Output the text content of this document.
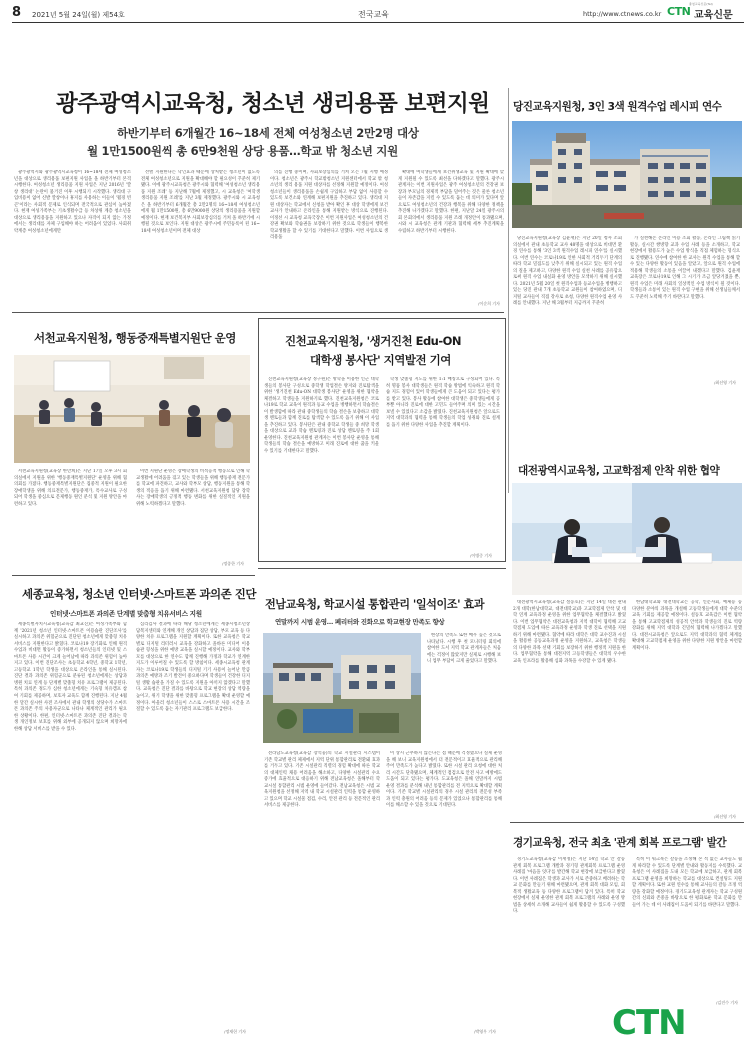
8 2021년 5월 24일(월) 제54호	전국교육	http://www.ctnews.co.kr
충청교육신문(Tel)
CTN 교육신문
광주광역시교육청, 청소년 생리용품 보편지원
하반기부터 6개월간 16~18세 전체 여성청소년 2만2명 대상
월 1만1500원씩 총 6만9천원 상당 용품…학교 밖 청소년 지원

광주광역시와 광주광역시교육청이 16~18세 전체 여성청소년을 대상으로 생리용품 보편지원 사업을 올 하반기부터 본격 시행한다. 여성청소년 생리용품 지원 사업은 지난 2016년 '깔창 생리대' 논란이 불거진 이후 시행되기 시작했다. 생리대 구입비용이 없어 신발 깔창이나 휴지를 사용하는 이들이 '월경 빈곤'이라는 사회적 문제로 인식되며 전국적으로 관심이 높아졌다. 현재 여성가족부는 기초생활수급 등 차상위 계층 청소년을 대상으로 생리용품을 지원하고 있으나 자격이 되지 않는 가정에서는 생리대를 자체 구입해야 하는 어려움이 있었다. 사회취약계층 여성청소년에게만

선별 지원한다는 낙인효과 때문에 상처받는 청소년이 없도록 전체 여성청소년으로 지원을 확대해야 할 필요성이 꾸준히 제기됐다. 이에 광주시교육청은 광주시와 협력해 '여성청소년 생리용품 지원 조례' 등 지난해 7월에 제정했고, 시 교육청은 '여학생 생리용품 지원 조례'를 지난 3월 제정했다. 광주시와 시 교육청은 올 하반기부터 6개월간 총 2만2명의 16~18세 여성청소년에게 월 1만1500원, 총 6만9000원 상당의 생리용품을 지원할 예정이다. 현재 보건복지부 사회보장심의를 거쳐 올 하반기에 시행될 것으로 보인다. 지원 대상은 광주시에 주민등록이 된 16~18세 여성청소년이며 전체 대상

의를 진행 중이며, 사회보장심의를 거쳐 오는 7월 시행 예정이다. 청소년은 광주시 학교밖청소년 지원센터에서 학교 밖 청소년의 생리 용품 지원 대상자를 선정해 지원할 예정이다. 여성청소년들이 생리용품을 손쉽게 구입하고 부담 없이 사용할 수 있도록 보건소와 연계해 보편지원을 추진하고 있다. 생리대 지원 대상자는 학교에서 신청을 받아 확인 후 대상 학생에게 보건교사가 안내하고 온라인을 통해 지원받는 방식으로 진행된다. 이정선 시 교육청 교육국장은 이번 지원사업은 여성청소년의 건강권 확보와 학습권을 보장하기 위한 것으로 학생들이 행복한 학교생활을 할 수 있기를 기대한다고 말했다. 이번 사업으로 생리용품

확대에 여학생들에게 보건위생교육 및 지원 확대에 맞게 지원될 수 있도록 최선을 다하겠다고 말했다. 광주시 관계자는 이번 지원사업은 광주 여성청소년의 건강권 보장과 부모님의 경제적 부담을 덜어주는 것은 물론 청소년들이 자존감을 지킬 수 있도록 돕는 데 의미가 있다며 앞으로도 여성청소년의 건강과 행복을 위해 다양한 정책을 추진해 나가겠다고 말했다. 한편, 지난달 24일 광주시의회 본회의에서 생리용품 지원 조례 개정안이 통과됐으며, 시와 시 교육청은 관계 기관과 협력해 세부 추진계획을 수립하고 하반기부터 시행한다.

/이순희 기자
당진교육지원청, 3인 3색 원격수업 레시피 연수

당진교육지원청(교육장 김윤재)은 지난 20일 청사 소회의실에서 관내 초등학교 교사 48명을 대상으로 비대면 환경 연수를 통해 '3인 3색 원격수업 레시피 연수'를 실시했다. 이번 연수는 코로나19로 인한 사회적 거리두기 단계의 따라 학교 밀집도를 낮추기 위해 실시되고 있는 원격 수업의 질을 제고하고, 다양한 원격 수업 실천 사례를 공유함으로써 원격 수업 내실화 운영 방안을 모색하기 위해 실시했다. 2021년 5월 20일 첫 원격수업과 등교수업을 병행하고 있는 당진 관내 7개 초등학교 교원들이 참여하였으며, 디지털 교사들이 직접 강사로 초청, 다양한 원격수업 운영 사례를 안내했다. 지난 해 3월부터 지금까지 꾸준히

가 실천해온 온라인 이용 조회 활동, 온라인 그림책 읽기 활동, 실시간 쌍방향 교과 수업 사례 등을 소개하고, 학교 현장에서 활용도가 높은 수업 방식을 직접 체험하는 형식으로 진행됐다. 연수에 참여한 한 교사는 원격 수업을 통해 할 수 있는 다양한 활동이 있음을 알았고, 앞으로 원격 수업에 적용해 학생들의 소통을 이끌어 내겠다고 말했다. 김윤재 교육장은 코로나19로 인해 그 시기가 조금 앞당겨졌을 뿐, 원격 수업은 미래 사회의 일상적인 수업 방식이 될 것이다. 학생들과 소통이 있는 원격 수업 구현을 위해 선생님들께서도 꾸준히 노력해 주기 바란다고 말했다.

/최선영 기자
서천교육지원청, 행동중재특별지원단 운영

서천교육지원청(교육장 한만희)은 지난 17일 오후 3시 회의실에서 지원을 위한 '행동중재특별지원단' 운영을 위해 협의회를 가졌다. 행동중재특별지원단은 집중적 지원이 필요한 장애학생을 위해 의료전문가, 행동중재가, 특수교사로 구성되어 학생을 중심으로 문제행동 원인 분석 및 지원 방안을 마련하고 있다.

이번 지원단 운영은 장애학생의 비적응적 행동으로 인해 학교생활에 어려움을 겪고 있는 학생들을 위해 행동중재 전문가를 학교에 파견하고, 교사와 학부모 상담, 행동지원을 통해 학생의 적응을 돕기 위해 마련됐다. 서천교육지원청 담당 장학사는 장애학생의 긍정적 행동 변화를 위한 실질적인 지원을 위해 노력하겠다고 말했다.

/정종한 기자
진천교육지원청, '생거진천 Edu-ON
대학생 봉사단' 지역발전 기여

진천교육지원청(교육장 정구원)은 방학을 이용한 인근 대학생들의 봉사단 구성으로 중학생 학업결손 방지와 진로탐색을 위한 '생거진천 Edu-ON 대학생 봉사단' 운영을 위한 협약을 체결하고 학생들을 지원하기로 했다. 진천교육지원청은 코로나19로 학교 교육이 원격과 등교 수업을 병행하면서 학습결손이 발생함에 따라 관내 중학생들의 학습 결손을 보충하고 대학생 멘토들과 함께 진로를 탐색할 수 있도록 돕기 위해 이 사업을 추진하고 있다. 봉사단은 관내 중학교 학생들 중 희망 학생을 대상으로 교과 학습 멘토링과 진로 상담 멘토링을 주 1회 운영한다. 진천교육지원청 관계자는 이번 봉사단 운영을 통해 학생들의 학습 결손을 예방하고 미래 진로에 대한 꿈을 키울 수 있기를 기대한다고 말했다.

학생 맞춤형 지도를 위한 1:1 매칭으로 구성되어 있다. 특히 명품 봉사 대학생들은 원격 학습 방법에 익숙하고 원격 학습 지도 경험이 있어 학생들에게 큰 도움이 되고 있다는 평가를 받고 있다. 봉사 활동에 참여한 대학생은 중학생들에게 공부뿐 아니라 진로에 대한 고민도 들어주며 의미 있는 시간을 보낼 수 있었다고 소감을 밝혔다. 진천교육지원청은 앞으로도 지역 대학과의 협력을 통해 학생들의 학업 성취와 진로 설계를 돕기 위한 다양한 사업을 추진할 계획이다.

/이병중 기자
대전광역시교육청, 고교학점제 안착 위한 협약

대전광역시교육청(교육감 설동호)은 지난 14일 대전 관내 2개 대학(한남대학교, 대전대학교)과 고교학점제 안착 및 대학 연계 교육과정 운영을 위한 업무협약을 체결했다고 밝혔다. 이번 업무협약은 대전교육청과 지역 대학이 협력해 고교학점제 도입에 따른 교육과정 운영과 학생 진로 선택을 지원하기 위해 마련됐다. 협약에 따라 대학은 대학 교수진과 시설을 활용한 공동교육과정 운영을 지원하고, 교육청은 학생들의 다양한 과목 선택 기회를 보장하기 위한 행정적 지원을 한다. 업무협약을 통해 대전지역 고등학생들은 대학의 우수한 교육 인프라를 활용해 심화 과목을 수강할 수 있게 됐다.

한남대학교와 대전대학교는 공학, 인문사회, 예체능 등 다양한 분야의 과목을 개설해 고등학생들에게 대학 수준의 교육 기회를 제공할 예정이다. 설동호 교육감은 이번 협약을 통해 고교학점제의 성공적 안착과 학생들의 진로 역량 강화를 위해 지역 대학과 긴밀히 협력해 나가겠다고 말했다. 대전시교육청은 앞으로도 지역 대학과의 협력 체계를 확대해 고교학점제 운영을 위한 다양한 지원 방안을 마련할 계획이다.

/최선영 기자
세종교육청, 청소년 인터넷·스마트폰 과의존 진단
인터넷·스마트폰 과의존 단계별 맞춤형 치유서비스 지원

세종특별자치시교육청(교육감 최교진)은 여성가족부와 함께 '2021년 청소년 인터넷·스마트폰 이용습관 진단조사'를 실시하고 과의존 위험군으로 진단된 청소년에게 맞춤형 치유 서비스를 지원한다고 밝혔다. 코로나19 장기화로 인해 원격 수업과 비대면 활동이 증가하면서 청소년들의 인터넷 및 스마트폰 사용 시간이 크게 늘어남에 따라 과의존 위험이 높아지고 있다. 이번 진단조사는 초등학교 4학년, 중학교 1학년, 고등학교 1학년 학생을 대상으로 온라인을 통해 실시된다. 진단 결과 과의존 위험군으로 분류된 청소년에게는 상담과 병원 치료 연계 등 단계별 맞춤형 치유 프로그램이 제공된다. 특히 과의존 정도가 심한 청소년에게는 기숙형 치유캠프 참여 기회를 제공하며, 보호자 교육도 함께 진행된다. 지난 4월 한 달간 실시한 사전 조사에서 관내 학생의 상당수가 스마트폰 과의존 주의 사용자군으로 나타나 체계적인 관리가 필요한 상황이다. 한편, 인터넷·스마트폰 과의존 진단 결과는 학생 개인정보 보호를 위해 외부에 공개되지 않으며 희망자에 한해 상담 서비스를 받을 수 있다.

심리검사 결과에 따라 해당 청소년에게는 세종시청소년상담복지센터와 연계해 개인 상담과 집단 상담, 부모 교육 등 다양한 치유 프로그램을 지원할 계획이다. 또한 교육청은 학교별로 디지털 리터러시 교육을 강화하고 올바른 미디어 이용 습관 형성을 위한 예방 교육을 실시할 예정이다. 교사와 학부모를 대상으로 한 연수도 함께 진행해 가정과 학교가 연계한 지도가 이루어질 수 있도록 할 방침이다. 세종시교육청 관계자는 코로나19로 학생들의 디지털 기기 사용이 늘어난 만큼 과의존 예방과 조기 발견이 중요하다며 학생들이 건강한 디지털 생활 습관을 가질 수 있도록 지원을 아끼지 않겠다고 말했다. 교육청은 진단 결과를 바탕으로 학교 현장의 상담 역량을 높이고, 위기 학생을 위한 맞춤형 프로그램을 확대 운영할 예정이다. 아울러 청소년들이 스스로 스마트폰 사용 시간을 조절할 수 있도록 돕는 자기관리 프로그램도 보급한다.

/정재헌 기자
전남교육청, 학교시설 통합관리 '일석이조' 효과
연말까지 시범 운영… 폐리터와 진화으로 학교현장 만족도 향상

현장의 만족도 또한 매우 높은 것으로 나타났다. 시행 후 첫 모니터링 회의에 참여한 도서 지역 학교 관계자들은 처음에는 걱정이 많았지만 실제로 시행해 보니 업무 부담이 크게 줄었다고 말했다.

전라남도교육청(교육감 장석웅)의 학교 시설관리 시스템이 기존 학교별 관리 체제에서 지역 단위 통합관리로 전환돼 효과를 거두고 있다. 기존 시설관리 직렬의 경험 확대에 따른 학교의 대체인력 채용 어려움을 해소하고, 다양한 시설관리 수요 증가에 효율적으로 대응하기 위해 전남교육청은 올해부터 학교시설 통합관리 시범 운영에 들어갔다. 전남교육청은 시범 교육지원청을 선정해 지역 내 학교 시설관리 인력을 통합 운영하고 있으며 학교 시설물 점검, 수리, 안전 관리 등 전문적인 관리 서비스를 제공한다.

이 상시 근무하지 않는다는 점 때문에 걱정했으나 실제 운영을 해 보니 교육지원청에서 더 전문적이고 효율적으로 관리해 주어 만족도가 높다고 밝혔다. 또한 시설 관리 요청에 대한 처리 시간도 단축됐으며, 체계적인 점검으로 안전 사고 예방에도 도움이 되고 있다는 평가다. 도교육청은 올해 연말까지 시범 운영 결과를 분석해 내년 통합관리를 전 지역으로 확대할 계획이다. 기존 학교별 시설관리의 경우 시설 관리의 전문성 부족과 인력 충원의 어려움 등의 문제가 있었으나 통합관리를 통해 이를 해소할 수 있을 것으로 기대된다.

/박영우 기자
경기교육청, 전국 최초 '관계 회복 프로그램' 발간

경기도교육청(교육감 이재정)은 지난 14일 학교 안 갈등 관계 회복 프로그램 개발과 경기형 관계회복 프로그램 운영 사례집 '마음을 잇다'를 발간해 학교 현장에 보급한다고 밝혔다. 이번 사례집은 학생과 교사가 서로 존중하고 배려하는 학교 문화를 만들기 위해 마련됐으며, 관계 회복 대화 모임, 회복적 생활교육 등 다양한 프로그램이 담겨 있다. 특히 학교 현장에서 실제 운영한 관계 회복 프로그램의 사례와 운영 방법을 상세히 소개해 교사들이 쉽게 활용할 수 있도록 구성했다.

특히 이 워크북은 갈등을 조정해 본 적 없는 교사들도 쉽게 따라할 수 있도록 단계별 안내와 활동지를 수록했다. 교육청은 이 사례집을 도내 모든 학교에 보급하고, 관계 회복 프로그램 운영을 희망하는 학교를 대상으로 컨설팅도 지원할 계획이다. 또한 교원 연수를 통해 교사들의 갈등 조정 역량을 강화할 예정이다. 경기도교육청 관계자는 학교 구성원 간의 신뢰와 존중을 바탕으로 한 평화로운 학교 문화를 만들어 가는 데 이 사례집이 도움이 되기를 바란다고 말했다.

/김진수 기자
CTN
